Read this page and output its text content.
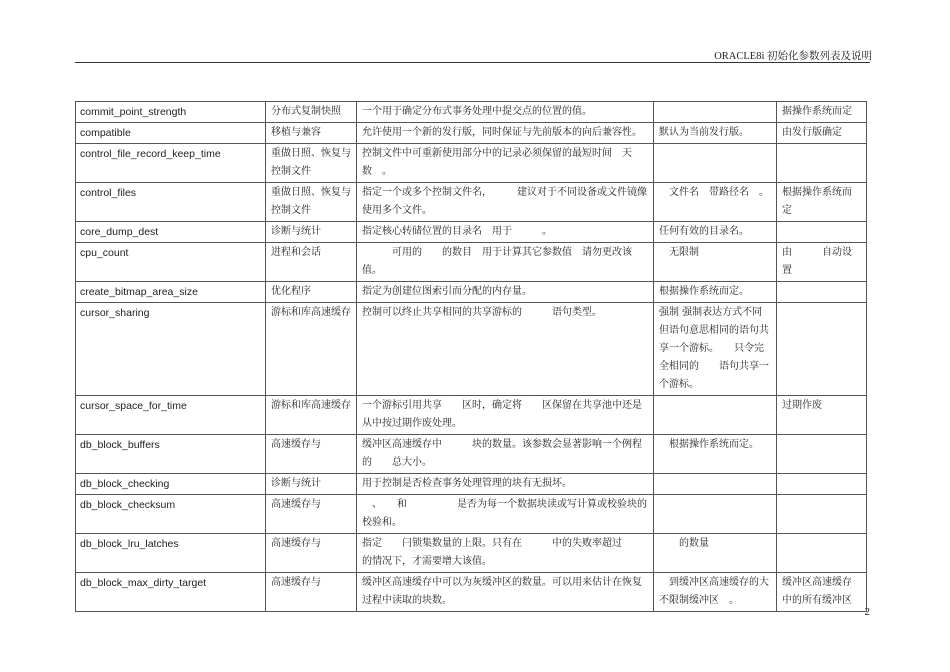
ORACLE8i 初始化参数列表及说明
commit_point_strength	分布式复制快照	一个用于确定分布式事务处理中提交点的位置的值。		据操作系统而定
compatible	移植与兼容	允许使用一个新的发行版，同时保证与先前版本的向后兼容性。	默认为当前发行版。	由发行版确定
control_file_record_keep_time	重做日照、恢复与控制文件	控制文件中可重新使用部分中的记录必须保留的最短时间　天数　。		
control_files	重做日照、恢复与控制文件	指定一个或多个控制文件名，　　　建议对于不同设备或文件镜像使用多个文件。	　文件名　带路径名　。	根据操作系统而定
core_dump_dest	诊断与统计	指定核心转储位置的目录名　用于　　　。	任何有效的目录名。	
cpu_count	进程和会话	　　　可用的　　的数目　用于计算其它参数值　请勿更改该值。	　无限制	由　　　自动设置
create_bitmap_area_size	优化程序	指定为创建位图索引而分配的内存量。	根据操作系统而定。	
cursor_sharing	游标和库高速缓存	控制可以终止共享相同的共享游标的　　　语句类型。	强制 强制表达方式不同但语句意思相同的语句共享一个游标。　　只令完全相同的　　语句共享一个游标。	
cursor_space_for_time	游标和库高速缓存	一个游标引用共享　　区时，确定将　　区保留在共享池中还是从中按过期作废处理。		过期作废
db_block_buffers	高速缓存与	缓冲区高速缓存中　　　块的数量。该参数会显著影响一个例程的　　总大小。	　根据操作系统而定。	
db_block_checking	诊断与统计	用于控制是否检查事务处理管理的块有无损坏。		
db_block_checksum	高速缓存与	　、　　和　　　　　是否为每一个数据块读或写计算或校验块的校验和。		
db_block_lru_latches	高速缓存与	指定　　闩锁集数量的上限。只有在　　　中的失败率超过　　的情况下，才需要增大该值。	　　的数量	
db_block_max_dirty_target	高速缓存与	缓冲区高速缓存中可以为灰缓冲区的数量。可以用来估计在恢复过程中读取的块数。	　到缓冲区高速缓存的大　不限制缓冲区　。	缓冲区高速缓存中的所有缓冲区
2
